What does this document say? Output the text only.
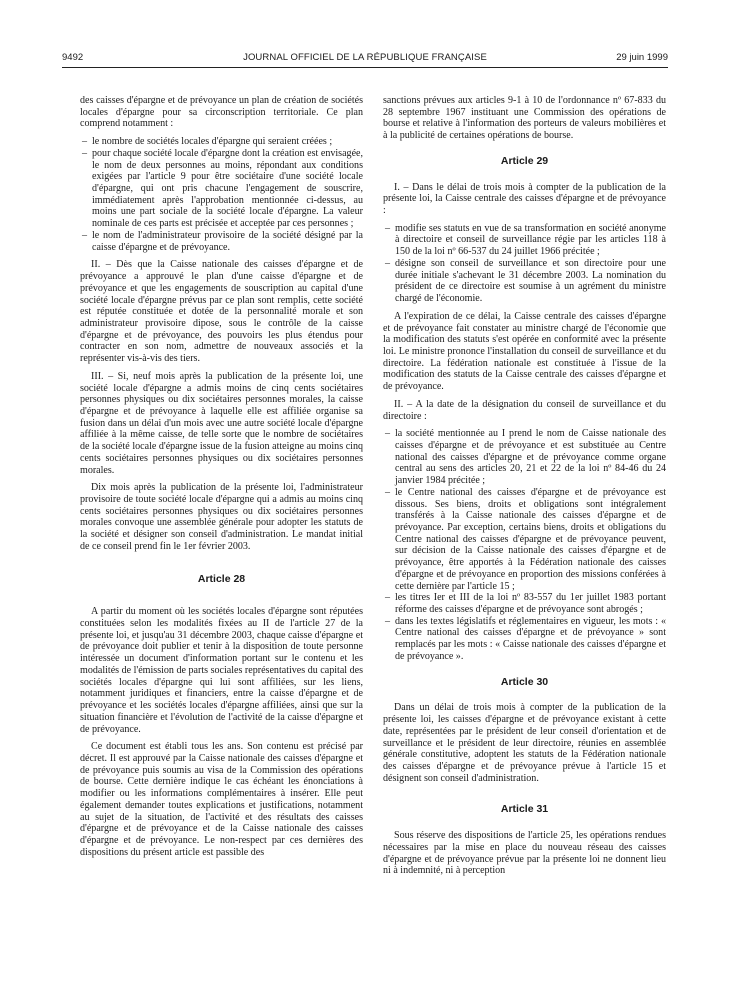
9492	JOURNAL OFFICIEL DE LA RÉPUBLIQUE FRANÇAISE	29 juin 1999

des caisses d'épargne et de prévoyance un plan de création de sociétés locales d'épargne pour sa circonscription territoriale. Ce plan comprend notamment :

– le nombre de sociétés locales d'épargne qui seraient créées ;
– pour chaque société locale d'épargne dont la création est envisagée, le nom de deux personnes au moins, répondant aux conditions exigées par l'article 9 pour être sociétaire d'une société locale d'épargne, qui ont pris chacune l'engagement de souscrire, immédiatement après l'approbation mentionnée ci-dessus, au moins une part sociale de la société locale d'épargne. La valeur nominale de ces parts est précisée et acceptée par ces personnes ;
– le nom de l'administrateur provisoire de la société désigné par la caisse d'épargne et de prévoyance.

II. – Dès que la Caisse nationale des caisses d'épargne et de prévoyance a approuvé le plan d'une caisse d'épargne et de prévoyance et que les engagements de souscription au capital d'une société locale d'épargne prévus par ce plan sont remplis, cette société est réputée constituée et dotée de la personnalité morale et son administrateur provisoire dipose, sous le contrôle de la caisse d'épargne et de prévoyance, des pouvoirs les plus étendus pour contracter en son nom, admettre de nouveaux associés et la représenter vis-à-vis des tiers.

III. – Si, neuf mois après la publication de la présente loi, une société locale d'épargne a admis moins de cinq cents sociétaires personnes physiques ou dix sociétaires personnes morales, la caisse d'épargne et de prévoyance à laquelle elle est affiliée organise sa fusion dans un délai d'un mois avec une autre société locale d'épargne affiliée à la même caisse, de telle sorte que le nombre de sociétaires de la société locale d'épargne issue de la fusion atteigne au moins cinq cents sociétaires personnes physiques ou dix sociétaires personnes morales.

Dix mois après la publication de la présente loi, l'administrateur provisoire de toute société locale d'épargne qui a admis au moins cinq cents sociétaires personnes physiques ou dix sociétaires personnes morales convoque une assemblée générale pour adopter les statuts de la société et désigner son conseil d'administration. Le mandat initial de ce conseil prend fin le 1er février 2003.

Article 28

A partir du moment où les sociétés locales d'épargne sont réputées constituées selon les modalités fixées au II de l'article 27 de la présente loi, et jusqu'au 31 décembre 2003, chaque caisse d'épargne et de prévoyance doit publier et tenir à la disposition de toute personne intéressée un document d'information portant sur le contenu et les modalités de l'émission de parts sociales représentatives du capital des sociétés locales d'épargne qui lui sont affiliées, sur les liens, notamment juridiques et financiers, entre la caisse d'épargne et de prévoyance et les sociétés locales d'épargne affiliées, ainsi que sur la situation financière et l'évolution de l'activité de la caisse d'épargne et de prévoyance.

Ce document est établi tous les ans. Son contenu est précisé par décret. Il est approuvé par la Caisse nationale des caisses d'épargne et de prévoyance puis soumis au visa de la Commission des opérations de bourse. Cette dernière indique le cas échéant les énonciations à modifier ou les informations complémentaires à insérer. Elle peut également demander toutes explications et justifications, notamment au sujet de la situation, de l'activité et des résultats des caisses d'épargne et de prévoyance et de la Caisse nationale des caisses d'épargne et de prévoyance. Le non-respect par ces dernières des dispositions du présent article est passible des

sanctions prévues aux articles 9-1 à 10 de l'ordonnance nº 67-833 du 28 septembre 1967 instituant une Commission des opérations de bourse et relative à l'information des porteurs de valeurs mobilières et à la publicité de certaines opérations de bourse.

Article 29

I. – Dans le délai de trois mois à compter de la publication de la présente loi, la Caisse centrale des caisses d'épargne et de prévoyance :

– modifie ses statuts en vue de sa transformation en société anonyme à directoire et conseil de surveillance régie par les articles 118 à 150 de la loi nº 66-537 du 24 juillet 1966 précitée ;
– désigne son conseil de surveillance et son directoire pour une durée initiale s'achevant le 31 décembre 2003. La nomination du président de ce directoire est soumise à un agrément du ministre chargé de l'économie.

A l'expiration de ce délai, la Caisse centrale des caisses d'épargne et de prévoyance fait constater au ministre chargé de l'économie que la modification des statuts s'est opérée en conformité avec la présente loi. Le ministre prononce l'installation du conseil de surveillance et du directoire. La fédération nationale est constituée à l'issue de la modification des statuts de la Caisse centrale des caisses d'épargne et de prévoyance.

II. – A la date de la désignation du conseil de surveillance et du directoire :

– la société mentionnée au I prend le nom de Caisse nationale des caisses d'épargne et de prévoyance et est substituée au Centre national des caisses d'épargne et de prévoyance comme organe central au sens des articles 20, 21 et 22 de la loi nº 84-46 du 24 janvier 1984 précitée ;
– le Centre national des caisses d'épargne et de prévoyance est dissous. Ses biens, droits et obligations sont intégralement transférés à la Caisse nationale des caisses d'épargne et de prévoyance. Par exception, certains biens, droits et obligations du Centre national des caisses d'épargne et de prévoyance peuvent, sur décision de la Caisse nationale des caisses d'épargne et de prévoyance, être apportés à la Fédération nationale des caisses d'épargne et de prévoyance en proportion des missions conférées à cette dernière par l'article 15 ;
– les titres Ier et III de la loi nº 83-557 du 1er juillet 1983 portant réforme des caisses d'épargne et de prévoyance sont abrogés ;
– dans les textes législatifs et réglementaires en vigueur, les mots : « Centre national des caisses d'épargne et de prévoyance » sont remplacés par les mots : « Caisse nationale des caisses d'épargne et de prévoyance ».
Article 30

Dans un délai de trois mois à compter de la publication de la présente loi, les caisses d'épargne et de prévoyance existant à cette date, représentées par le président de leur conseil d'orientation et de surveillance et le président de leur directoire, réunies en assemblée générale constitutive, adoptent les statuts de la Fédération nationale des caisses d'épargne et de prévoyance prévue à l'article 15 et désignent son conseil d'administration.

Article 31

Sous réserve des dispositions de l'article 25, les opérations rendues nécessaires par la mise en place du nouveau réseau des caisses d'épargne et de prévoyance prévue par la présente loi ne donnent lieu ni à indemnité, ni à perception
